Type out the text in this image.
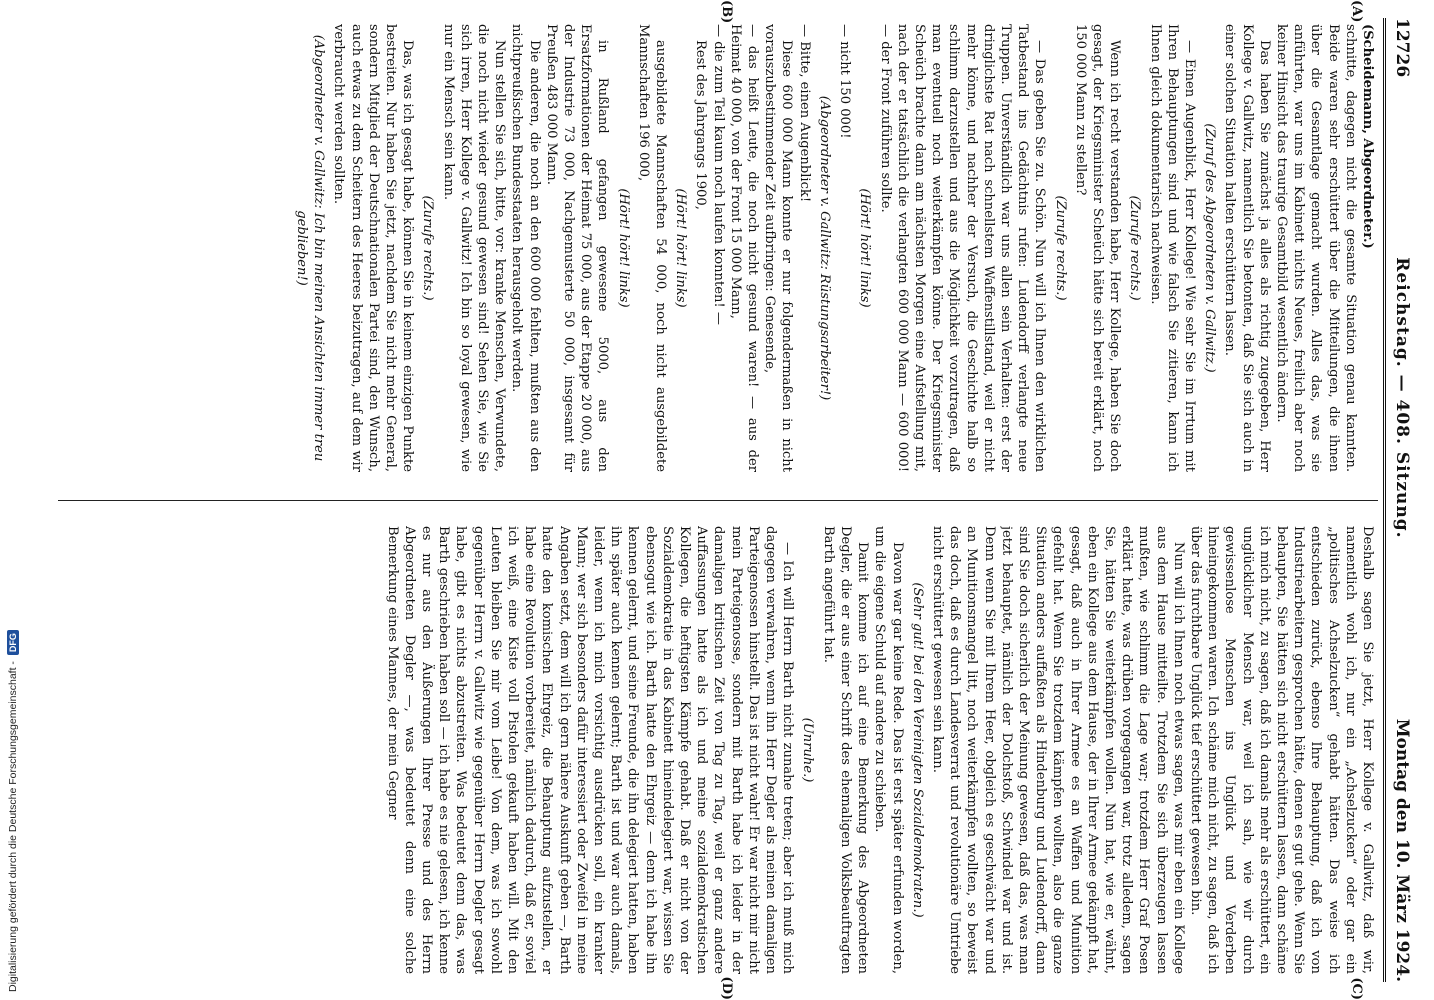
Digitalisierung gefördert durch die Deutsche Forschungsgemeinschaft -
DFG
12726
Reichstag. — 408. Sitzung.
Montag den 10. März 1924.
(A)
(B)
(C)
(D)

(Scheidemann, Abgeordneter.)

schnitte, dagegen nicht die gesamte Situation genau kannten. Beide waren sehr erschüttert über die Mitteilungen, die ihnen über die Gesamtlage gemacht wurden. Alles das, was sie anführten, war uns im Kabinett nichts Neues, freilich aber noch keiner Hinsicht das traurige Gesamtbild wesentlich ändern.

Das haben Sie zunächst ja alles als richtig zugegeben, Herr Kollege v. Gallwitz, namentlich Sie betonten, daß Sie sich auch in einer solchen Situation halten erschüttern lassen.

(Zuruf des Abgeordneten v. Gallwitz.)

— Einen Augenblick, Herr Kollege! Wie sehr Sie im Irrtum mit Ihren Behauptungen sind und wie falsch Sie zitieren, kann ich Ihnen gleich dokumentarisch nachweisen.

(Zurufe rechts.)

Wenn ich recht verstanden habe, Herr Kollege, haben Sie doch gesagt, der Kriegsminister Scheüch hätte sich bereit erklärt, noch 150 000 Mann zu stellen?

(Zurufe rechts.)

— Das geben Sie zu. Schön. Nun will ich Ihnen den wirklichen Tatbestand ins Gedächtnis rufen: Ludendorff verlangte neue Truppen. Unverständlich war uns allen sein Verhalten: erst der dringlichste Rat nach schnellstem Waffenstillstand, weil er nicht mehr könne, und nachher der Versuch, die Geschichte halb so schlimm darzustellen und aus die Möglichkeit vorzutragen, daß man eventuell noch weiterkämpfen könne. Der Kriegsminister Scheüch brachte dann am nächsten Morgen eine Aufstellung mit, nach der er tatsächlich die verlangten 600 000 Mann — 600 000! — der Front zuführen sollte.

(Hört! hört! links)

— nicht 150 000!

(Abgeordneter v. Gallwitz: Rüstungsarbeiter!)

— Bitte, einen Augenblick!

Diese 600 000 Mann konnte er nur folgendermaßen in nicht vorauszubestimmender Zeit aufbringen: Genesende,

— das heißt Leute, die noch nicht gesund waren! — aus der Heimat 40 000, von der Front 15 000 Mann,

— die zum Teil kaum noch laufen konnten! —

Rest des Jahrgangs 1900,

(Hört! hört! links)

ausgebildete Mannschaften 54 000, noch nicht ausgebildete Mannschaften 196 000,

(Hört! hört! links)

in Rußland gefangen gewesene 5000, aus den Ersatzformationen der Heimat 75 000, aus der Etappe 20 000, aus der Industrie 73 000, Nachgemusterte 50 000, insgesamt für Preußen 483 000 Mann.

Die anderen, die noch an den 600 000 fehlten, mußten aus den nichtpreußischen Bundesstaaten herausgeholt werden.

Nun stellen Sie sich, bitte, vor: kranke Menschen, Verwundete, die noch nicht wieder gesund gewesen sind! Sehen Sie, wie Sie sich irren, Herr Kollege v. Gallwitz! Ich bin so loyal gewesen, wie nur ein Mensch sein kann.

(Zurufe rechts.)

Das, was ich gesagt habe, können Sie in keinem einzigen Punkte bestreiten. Nur haben Sie jetzt, nachdem Sie nicht mehr General, sondern Mitglied der Deutschnationalen Partei sind, den Wunsch, auch etwas zu dem Scheitern des Heeres beizutragen, auf dem wir verbraucht werden sollten.

(Abgeordneter v. Gallwitz: Ich bin meinen Ansichten immer treu geblieben!)

Deshalb sagen Sie jetzt, Herr Kollege v. Gallwitz, daß wir, namentlich wohl ich, nur ein „Achselzucken“ oder gar ein „politisches Achselzucken“ gehabt hätten. Das weise ich entschieden zurück, ebenso Ihre Behauptung, daß ich von Industriearbeitern gesprochen hätte, denen es gut gehe. Wenn Sie behaupten, Sie hätten sich nicht erschüttern lassen, dann schäme ich mich nicht, zu sagen, daß ich damals mehr als erschüttert, ein unglücklicher Mensch war, weil ich sah, wie wir durch gewissenlose Menschen ins Unglück und Verderben hineingekommen waren. Ich schäme mich nicht, zu sagen, daß ich über das furchtbare Unglück tief erschüttert gewesen bin.

Nun will ich Ihnen noch etwas sagen, was mir eben ein Kollege aus dem Hause mitteilte. Trotzdem Sie sich überzeugen lassen mußten, wie schlimm die Lage war; trotzdem Herr Graf Posen erklärt hatte, was drüben vorgegangen war, trotz alledem, sagen Sie, hätten Sie weiterkämpfen wollen. Nun hat, wie er, wähnt, eben ein Kollege aus dem Hause, der in Ihrer Armee gekämpft hat, gesagt, daß auch in Ihrer Armee es an Waffen und Munition gefehlt hat. Wenn Sie trotzdem kämpfen wollten, also die ganze Situation anders auffaßten als Hindenburg und Ludendorff, dann sind Sie doch sicherlich der Meinung gewesen, daß das, was man jetzt behauptet, nämlich der Dolchstoß, Schwindel war und ist. Denn wenn Sie mit Ihrem Heer, obgleich es geschwächt war und an Munitionsmangel litt, noch weiterkämpfen wollten, so beweist das doch, daß es durch Landesverrat und revolutionäre Umtriebe nicht erschüttert gewesen sein kann.

(Sehr gut! bei den Vereinigten Sozialdemokraten.)

Davon war gar keine Rede. Das ist erst später erfunden worden, um die eigene Schuld auf andere zu schieben.

Damit komme ich auf eine Bemerkung des Abgeordneten Degler, die er aus einer Schrift des ehemaligen Volksbeauftragten Barth angeführt hat.

(Unruhe.)

— Ich will Herrn Barth nicht zunahe treten; aber ich muß mich dagegen verwahren, wenn ihn Herr Degler als meinen damaligen Parteigenossen hinstellt. Das ist nicht wahr! Er war nicht mir nicht mein Parteigenosse, sondern mit Barth habe ich leider in der damaligen kritischen Zeit von Tag zu Tag, weil er ganz andere Auffassungen hatte als ich und meine sozialdemokratischen Kollegen, die heftigsten Kämpfe gehabt. Daß er nicht von der Sozialdemokratie in das Kabinett hineindelegiert war, wissen Sie ebensogut wie ich. Barth hatte den Ehrgeiz — denn ich habe ihn kennen gelernt, und seine Freunde, die ihn delegiert hatten, haben ihn später auch kennen gelernt; Barth ist und war auch damals, leider, wenn ich mich vorsichtig ausdrücken soll, ein kranker Mann; wer sich besonders dafür interessiert oder Zweifel in meine Angaben setzt, dem will ich gern nähere Auskunft geben —, Barth hatte den komischen Ehrgeiz, die Behauptung aufzustellen, er habe eine Revolution vorbereitet, nämlich dadurch, daß er, soviel ich weiß, eine Kiste voll Pistolen gekauft haben will. Mit den Leuten bleiben Sie mir vom Leibe! Von dem, was ich sowohl gegenüber Herrn v. Gallwitz wie gegenüber Herrn Degler gesagt habe, gibt es nichts abzustreiten. Was bedeutet denn das, was Barth geschrieben haben soll — ich habe es nie gelesen, ich kenne es nur aus den Äußerungen Ihrer Presse und des Herrn Abgeordneten Degler —, was bedeutet denn eine solche Bemerkung eines Mannes, der mein Gegner
